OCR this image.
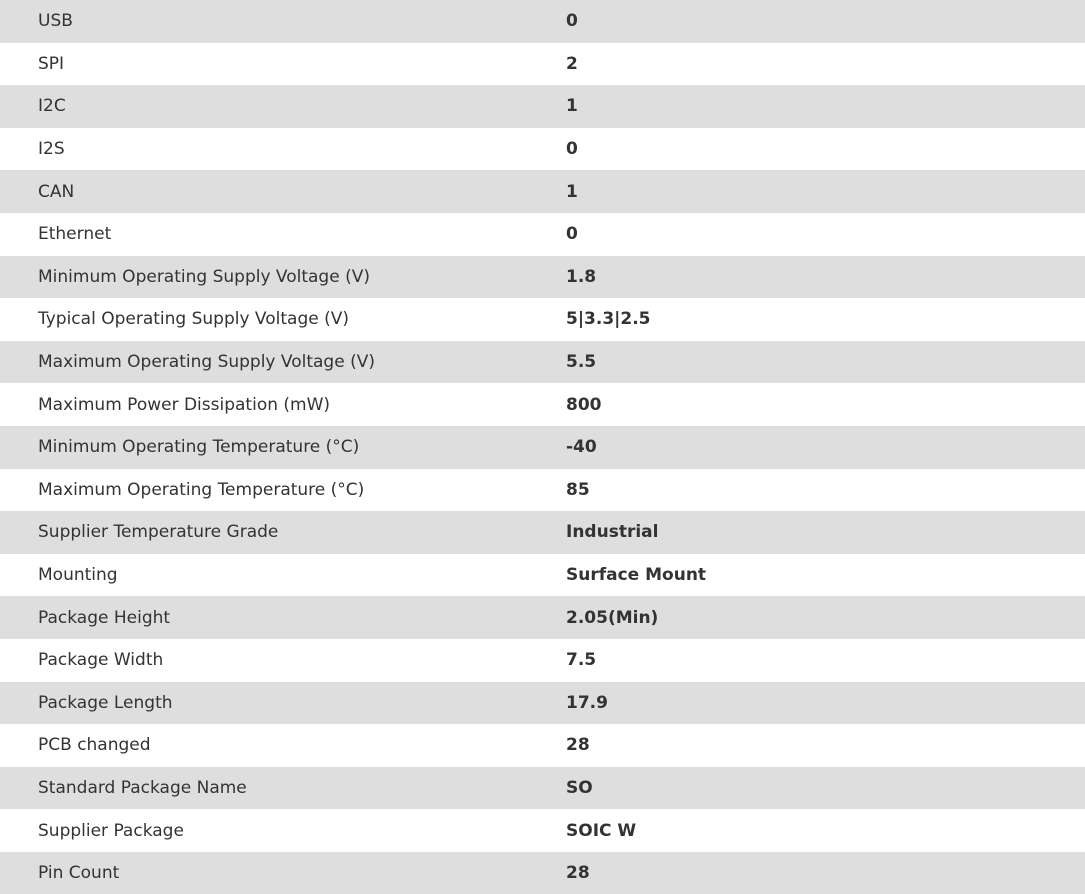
USB	0
SPI	2
I2C	1
I2S	0
CAN	1
Ethernet	0
Minimum Operating Supply Voltage (V)	1.8
Typical Operating Supply Voltage (V)	5|3.3|2.5
Maximum Operating Supply Voltage (V)	5.5
Maximum Power Dissipation (mW)	800
Minimum Operating Temperature (°C)	-40
Maximum Operating Temperature (°C)	85
Supplier Temperature Grade	Industrial
Mounting	Surface Mount
Package Height	2.05(Min)
Package Width	7.5
Package Length	17.9
PCB changed	28
Standard Package Name	SO
Supplier Package	SOIC W
Pin Count	28
